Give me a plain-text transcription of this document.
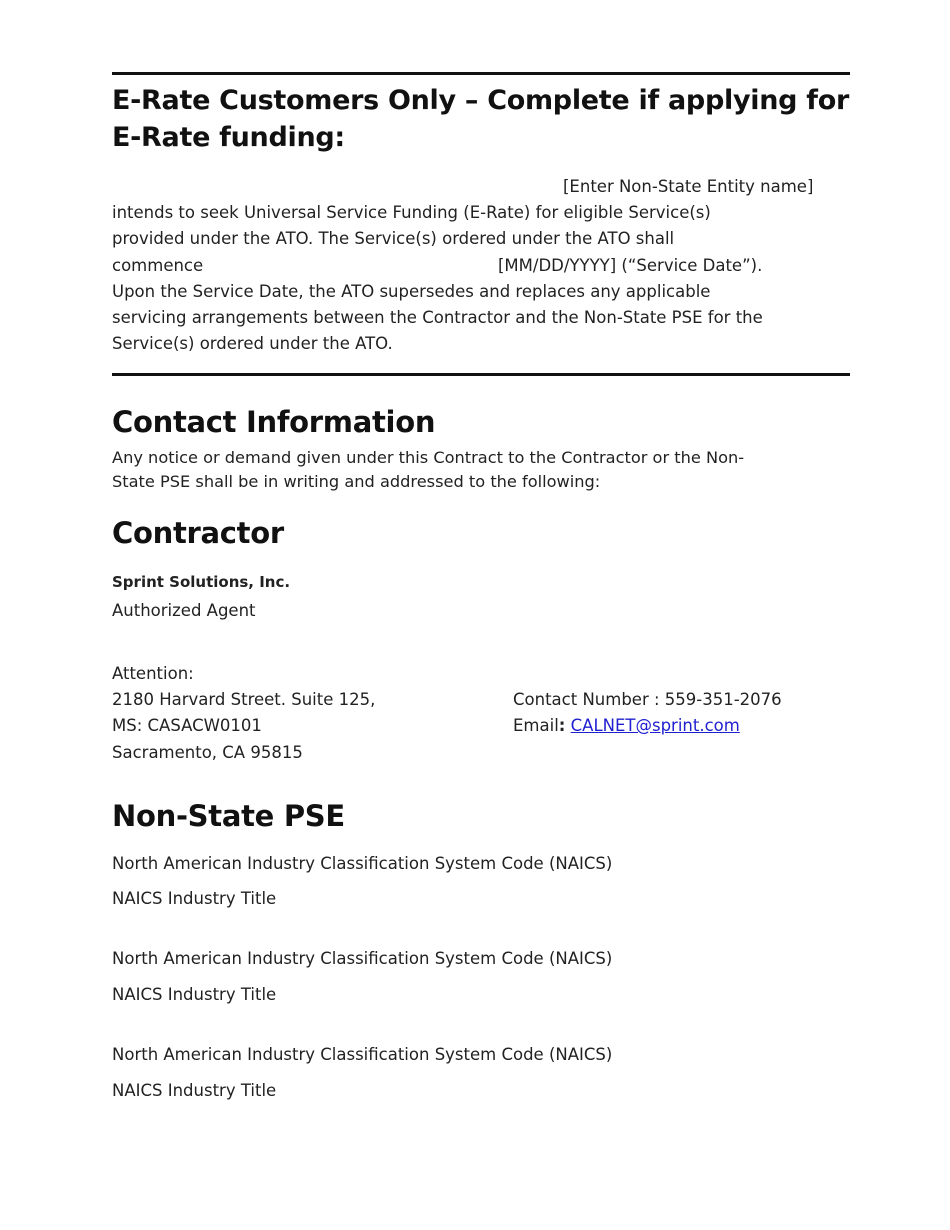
E-Rate Customers Only – Complete if applying for
E-Rate funding:
[Enter Non-State Entity name]
intends to seek Universal Service Funding (E-Rate) for eligible Service(s)
provided under the ATO. The Service(s) ordered under the ATO shall
commence	[MM/DD/YYYY] (“Service Date”).
Upon the Service Date, the ATO supersedes and replaces any applicable
servicing arrangements between the Contractor and the Non-State PSE for the
Service(s) ordered under the ATO.
Contact Information
Any notice or demand given under this Contract to the Contractor or the Non-
State PSE shall be in writing and addressed to the following:
Contractor
Sprint Solutions, Inc.
Authorized Agent
Attention:
2180 Harvard Street. Suite 125,
MS: CASACW0101
Sacramento, CA 95815
Contact Number : 559-351-2076
Email: CALNET@sprint.com
Non-State PSE
North American Industry Classification System Code (NAICS)
NAICS Industry Title
North American Industry Classification System Code (NAICS)
NAICS Industry Title
North American Industry Classification System Code (NAICS)
NAICS Industry Title
